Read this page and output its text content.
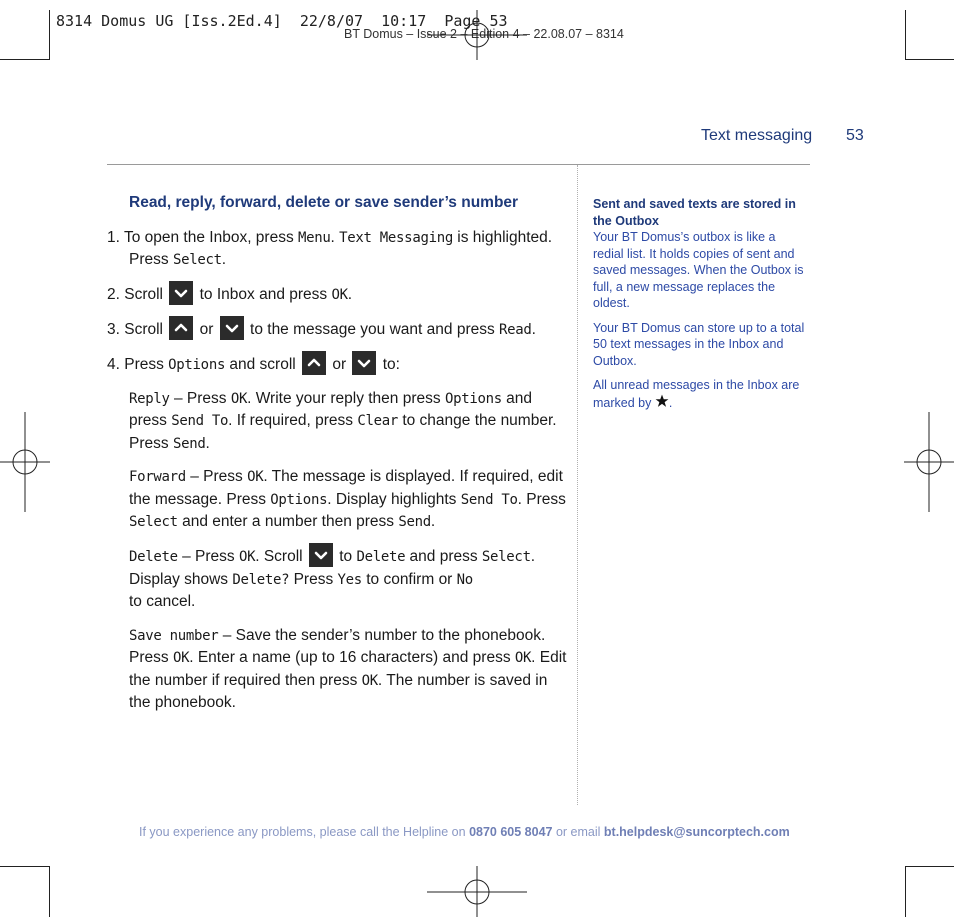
8314 Domus UG [Iss.2Ed.4]  22/8/07  10:17  Page 53
BT Domus – Issue 2 – Edition 4 – 22.08.07 – 8314
Text messaging 53
Read, reply, forward, delete or save sender’s number
1. To open the Inbox, press Menu. Text Messaging is highlighted. Press Select.
2. Scroll
to Inbox and press OK.
3. Scroll
or
to the message you want and press Read.
4. Press Options and scroll
or
to:
Reply – Press OK. Write your reply then press Options and press Send To. If required, press Clear to change the number. Press Send.
Forward – Press OK. The message is displayed. If required, edit the message. Press Options. Display highlights Send To. Press Select and enter a number then press Send.
Delete – Press OK. Scroll
to Delete and press Select. Display shows Delete? Press Yes to confirm or No
to cancel.
Save number – Save the sender’s number to the phonebook. Press OK. Enter a name (up to 16 characters) and press OK. Edit the number if required then press OK. The number is saved in the phonebook.
Sent and saved texts are stored in the Outbox

Your BT Domus’s outbox is like a redial list. It holds copies of sent and saved messages. When the Outbox is full, a new message replaces the oldest.

Your BT Domus can store up to a total 50 text messages in the Inbox and Outbox.

All unread messages in the Inbox are marked by .

If you experience any problems, please call the Helpline on 0870 605 8047 or email bt.helpdesk@suncorptech.com
